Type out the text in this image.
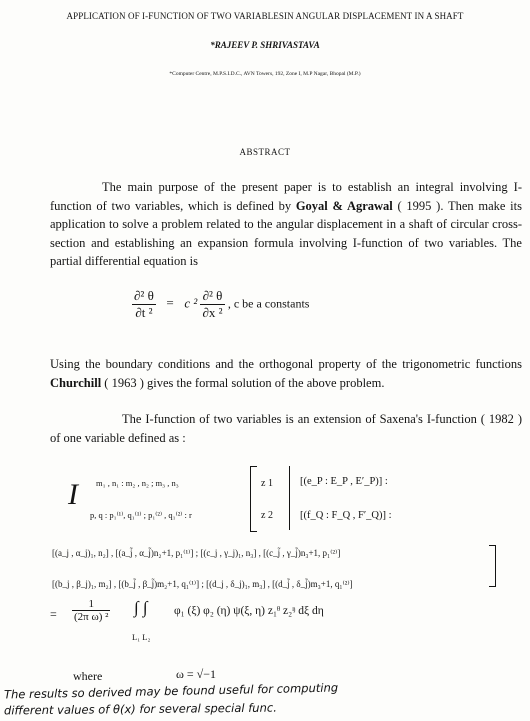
APPLICATION OF I-FUNCTION OF TWO VARIABLESIN ANGULAR DISPLACEMENT IN A SHAFT
*RAJEEV P. SHRIVASTAVA
*Computer Centre, M.P.S.I.D.C., AVN Towers, 192, Zone I, M.P Nagar, Bhopal (M.P.)
ABSTRACT
The main purpose of the present paper is to establish an integral involving I-function of two variables, which is defined by Goyal & Agrawal ( 1995 ). Then make its application to solve a problem related to the angular displacement in a shaft of circular cross-section and establishing an expansion formula involving I-function of two variables. The partial differential equation is
$\frac{\text{∂² θ}}{\text{∂t ²}} = c$ $^2 \frac{\text{∂² θ}}{\text{∂x ²}}$ , c be a constants
Using the boundary conditions and the orthogonal property of the trigonometric functions Churchill ( 1963 ) gives the formal solution of the above problem.
The I-function of two variables is an extension of Saxena's I-function ( 1982 ) of one variable defined as :
I m₁ , n₁ : m₂ , n₂ ; m₃ , n₃
p, q : p₁⁽¹⁾, q₁⁽¹⁾ ; p₁⁽²⁾ , q₁⁽²⁾ : r
z 1
z 2
[(e_P : E_P , E′_P)] :
[(f_Q : F_Q , F′_Q)] :
[(a_j , α_j)₁, n₂] , [(a_j̃ , α_j̃)n₂+1, p₁⁽¹⁾] ; [(c_j , γ_j)₁, n₃] , [(c_j̃ , γ_j̃)n₃+1, p₁⁽²⁾]
[(b_j , β_j)₁, m₂] , [(b_j̃ , β_j̃)m₂+1, q₁⁽¹⁾] ; [(d_j , δ_j)₁, m₃] , [(d_j̃ , δ_j̃)m₃+1, q₁⁽²⁾]
= $\frac{1}{\text{(2π ω) ²}}$ ∫ ∫
L₁ L₂
φ₁ (ξ) φ₂ (η) ψ(ξ, η) z₁ᶿ z₂ᵑ dξ dη
where	ω = √−1
The results so derived may be found useful for computing
different values of θ(x) for several special func.
